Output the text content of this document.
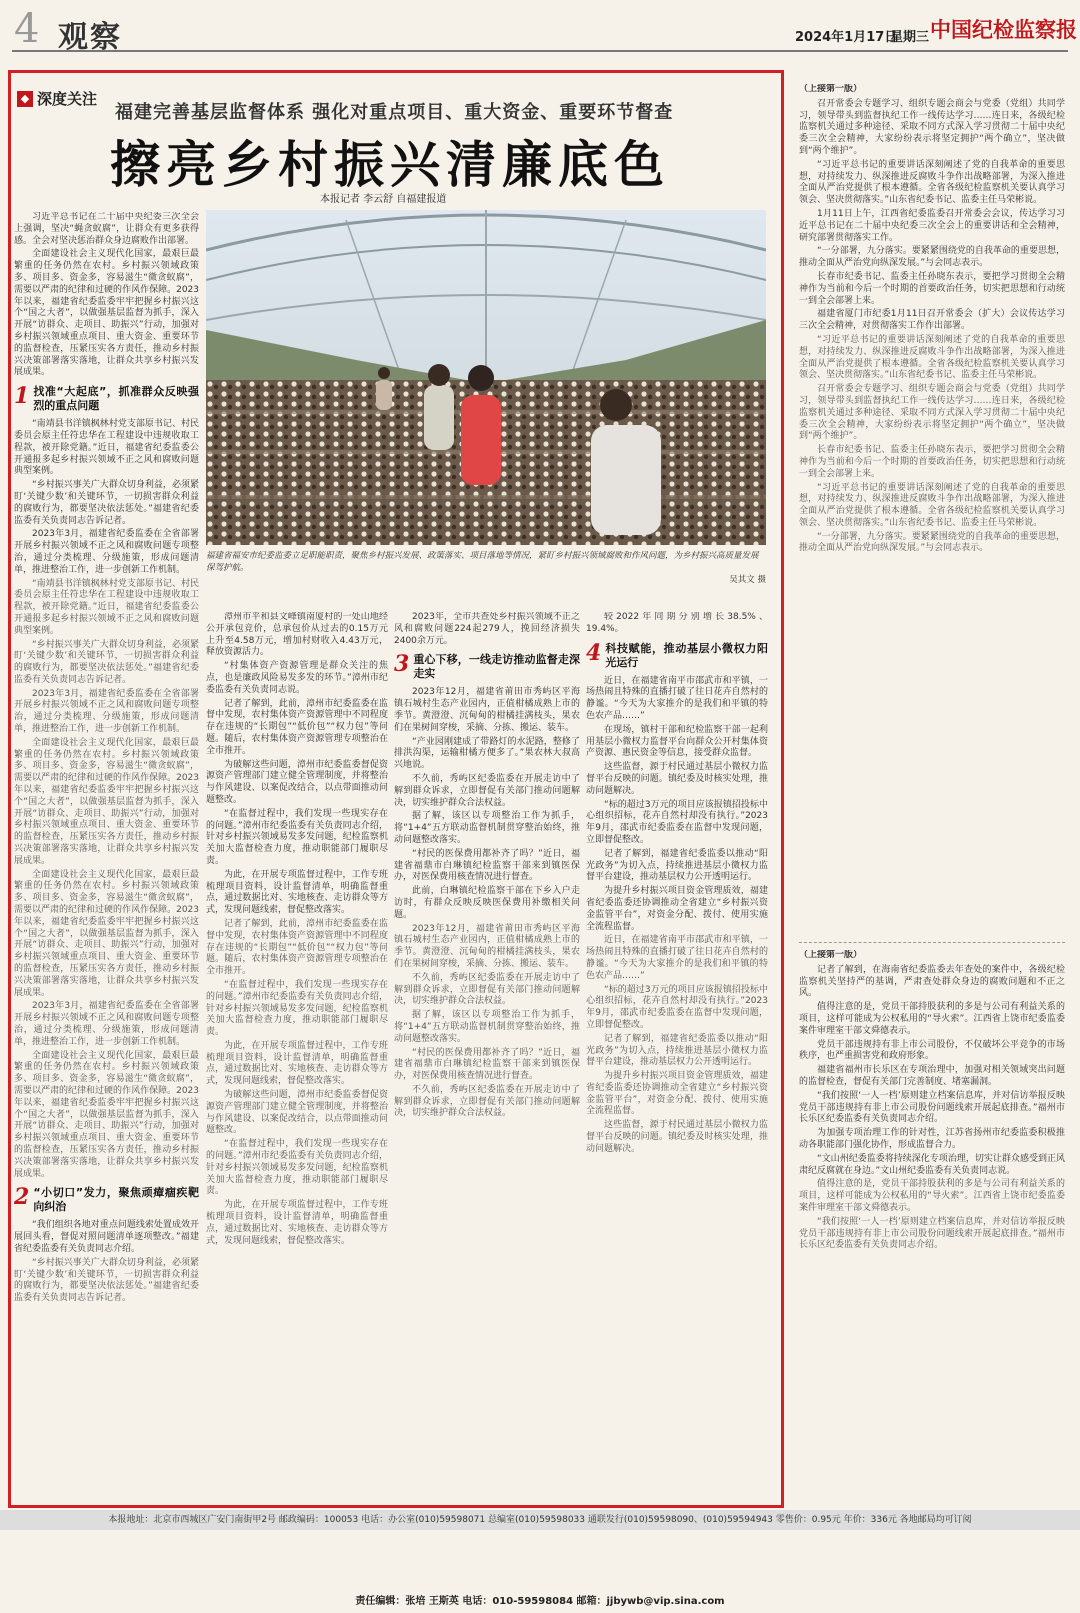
4 观察	2024年1月17日
星期三 中国纪检监察报
◆ 深度关注
福建完善基层监督体系 强化对重点项目、重大资金、重要环节督查
擦亮乡村振兴清廉底色
本报记者 李云舒 自福建报道
福建省福安市纪委监委立足职能职责，聚焦乡村振兴发展、政策落实、项目落地等情况，紧盯乡村振兴领域腐败和作风问题，为乡村振兴高质量发展保驾护航。
吴其文 摄

习近平总书记在二十届中央纪委三次全会上强调，坚决“蝇贪蚁腐”，让群众有更多获得感。全会对坚决惩治群众身边腐败作出部署。

全面建设社会主义现代化国家，最艰巨最繁重的任务仍然在农村。乡村振兴领域政策多、项目多、资金多，容易滋生“微贪蚁腐”，需要以严肃的纪律和过硬的作风作保障。2023年以来，福建省纪委监委牢牢把握乡村振兴这个“国之大者”，以做强基层监督为抓手，深入开展“访群众、走项目、助振兴”行动，加强对乡村振兴领域重点项目、重大资金、重要环节的监督检查，压紧压实各方责任，推动乡村振兴决策部署落实落地，让群众共享乡村振兴发展成果。

1 找准“大起底”，抓准群众反映强烈的重点问题

“南靖县书洋镇枫林村党支部原书记、村民委员会原主任符忠华在工程建设中违规收取工程款，被开除党籍。”近日，福建省纪委监委公开通报多起乡村振兴领域不正之风和腐败问题典型案例。

“乡村振兴事关广大群众切身利益，必须紧盯‘关键少数’和关键环节，一切损害群众利益的腐败行为，都要坚决依法惩处。”福建省纪委监委有关负责同志告诉记者。

2023年3月，福建省纪委监委在全省部署开展乡村振兴领域不正之风和腐败问题专项整治，通过分类梳理、分级施策，形成问题清单，推进整治工作，进一步创新工作机制。

“南靖县书洋镇枫林村党支部原书记、村民委员会原主任符忠华在工程建设中违规收取工程款，被开除党籍。”近日，福建省纪委监委公开通报多起乡村振兴领域不正之风和腐败问题典型案例。

“乡村振兴事关广大群众切身利益，必须紧盯‘关键少数’和关键环节，一切损害群众利益的腐败行为，都要坚决依法惩处。”福建省纪委监委有关负责同志告诉记者。

2023年3月，福建省纪委监委在全省部署开展乡村振兴领域不正之风和腐败问题专项整治，通过分类梳理、分级施策，形成问题清单，推进整治工作，进一步创新工作机制。

全面建设社会主义现代化国家，最艰巨最繁重的任务仍然在农村。乡村振兴领域政策多、项目多、资金多，容易滋生“微贪蚁腐”，需要以严肃的纪律和过硬的作风作保障。2023年以来，福建省纪委监委牢牢把握乡村振兴这个“国之大者”，以做强基层监督为抓手，深入开展“访群众、走项目、助振兴”行动，加强对乡村振兴领域重点项目、重大资金、重要环节的监督检查，压紧压实各方责任，推动乡村振兴决策部署落实落地，让群众共享乡村振兴发展成果。

全面建设社会主义现代化国家，最艰巨最繁重的任务仍然在农村。乡村振兴领域政策多、项目多、资金多，容易滋生“微贪蚁腐”，需要以严肃的纪律和过硬的作风作保障。2023年以来，福建省纪委监委牢牢把握乡村振兴这个“国之大者”，以做强基层监督为抓手，深入开展“访群众、走项目、助振兴”行动，加强对乡村振兴领域重点项目、重大资金、重要环节的监督检查，压紧压实各方责任，推动乡村振兴决策部署落实落地，让群众共享乡村振兴发展成果。

2023年3月，福建省纪委监委在全省部署开展乡村振兴领域不正之风和腐败问题专项整治，通过分类梳理、分级施策，形成问题清单，推进整治工作，进一步创新工作机制。

全面建设社会主义现代化国家，最艰巨最繁重的任务仍然在农村。乡村振兴领域政策多、项目多、资金多，容易滋生“微贪蚁腐”，需要以严肃的纪律和过硬的作风作保障。2023年以来，福建省纪委监委牢牢把握乡村振兴这个“国之大者”，以做强基层监督为抓手，深入开展“访群众、走项目、助振兴”行动，加强对乡村振兴领域重点项目、重大资金、重要环节的监督检查，压紧压实各方责任，推动乡村振兴决策部署落实落地，让群众共享乡村振兴发展成果。

2 “小切口”发力，聚焦顽瘴痼疾靶向纠治

“我们组织各地对重点问题线索处置成效开展回头看，督促对照问题清单逐项整改。”福建省纪委监委有关负责同志介绍。

“乡村振兴事关广大群众切身利益，必须紧盯‘关键少数’和关键环节，一切损害群众利益的腐败行为，都要坚决依法惩处。”福建省纪委监委有关负责同志告诉记者。

漳州市平和县文峰镇南厦村的一处山地经公开承包竞价，总承包价从过去的0.15万元上升至4.58万元，增加村财收入4.43万元，释放资源活力。

“村集体资产资源管理是群众关注的焦点，也是廉政风险易发多发的环节。”漳州市纪委监委有关负责同志说。

记者了解到，此前，漳州市纪委监委在监督中发现，农村集体资产资源管理中不同程度存在违规的“长期包”“低价包”“权力包”等问题。随后，农村集体资产资源管理专项整治在全市推开。

为破解这些问题，漳州市纪委监委督促资源资产管理部门建立健全管理制度，并将整治与作风建设、以案促改结合，以点带面推动问题整改。

“在监督过程中，我们发现一些现实存在的问题。”漳州市纪委监委有关负责同志介绍，针对乡村振兴领域易发多发问题，纪检监察机关加大监督检查力度，推动职能部门履职尽责。

为此，在开展专项监督过程中，工作专班梳理项目资料，设计监督清单，明确监督重点，通过数据比对、实地核查、走访群众等方式，发现问题线索，督促整改落实。

记者了解到，此前，漳州市纪委监委在监督中发现，农村集体资产资源管理中不同程度存在违规的“长期包”“低价包”“权力包”等问题。随后，农村集体资产资源管理专项整治在全市推开。

“在监督过程中，我们发现一些现实存在的问题。”漳州市纪委监委有关负责同志介绍，针对乡村振兴领域易发多发问题，纪检监察机关加大监督检查力度，推动职能部门履职尽责。

为此，在开展专项监督过程中，工作专班梳理项目资料，设计监督清单，明确监督重点，通过数据比对、实地核查、走访群众等方式，发现问题线索，督促整改落实。

为破解这些问题，漳州市纪委监委督促资源资产管理部门建立健全管理制度，并将整治与作风建设、以案促改结合，以点带面推动问题整改。

“在监督过程中，我们发现一些现实存在的问题。”漳州市纪委监委有关负责同志介绍，针对乡村振兴领域易发多发问题，纪检监察机关加大监督检查力度，推动职能部门履职尽责。

为此，在开展专项监督过程中，工作专班梳理项目资料，设计监督清单，明确监督重点，通过数据比对、实地核查、走访群众等方式，发现问题线索，督促整改落实。

2023年，全市共查处乡村振兴领域不正之风和腐败问题224起279人，挽回经济损失2400余万元。

3 重心下移，一线走访推动监督走深走实

2023年12月，福建省莆田市秀屿区平海镇石城村生态产业园内，正值柑橘成熟上市的季节。黄澄澄、沉甸甸的柑橘挂满枝头，果农们在果树间穿梭，采摘、分拣、搬运、装车。

“产业园刚建成了带路灯的水泥路，整修了排洪沟渠，运输柑橘方便多了。”果农林大叔高兴地说。

不久前，秀屿区纪委监委在开展走访中了解到群众诉求，立即督促有关部门推动问题解决，切实维护群众合法权益。

据了解，该区以专项整治工作为抓手，将“1+4”五方联动监督机制贯穿整治始终，推动问题整改落实。

“村民的医保费用都补齐了吗？”近日，福建省福鼎市白琳镇纪检监察干部来到镇医保办，对医保费用核查情况进行督查。

此前，白琳镇纪检监察干部在下乡入户走访时，有群众反映反映医保费用补缴相关问题。

2023年12月，福建省莆田市秀屿区平海镇石城村生态产业园内，正值柑橘成熟上市的季节。黄澄澄、沉甸甸的柑橘挂满枝头，果农们在果树间穿梭，采摘、分拣、搬运、装车。

不久前，秀屿区纪委监委在开展走访中了解到群众诉求，立即督促有关部门推动问题解决，切实维护群众合法权益。

据了解，该区以专项整治工作为抓手，将“1+4”五方联动监督机制贯穿整治始终，推动问题整改落实。

“村民的医保费用都补齐了吗？”近日，福建省福鼎市白琳镇纪检监察干部来到镇医保办，对医保费用核查情况进行督查。

不久前，秀屿区纪委监委在开展走访中了解到群众诉求，立即督促有关部门推动问题解决，切实维护群众合法权益。

较2022年同期分别增长38.5%、19.4%。

4 科技赋能，推动基层小微权力阳光运行

近日，在福建省南平市邵武市和平镇，一场热闹且特殊的直播打破了往日花卉自然村的静谧。“今天为大家推介的是我们和平镇的特色农产品……”

在现场，镇村干部和纪检监察干部一起利用基层小微权力监督平台向群众公开村集体资产资源、惠民资金等信息，接受群众监督。

这些监督，源于村民通过基层小微权力监督平台反映的问题。镇纪委及时核实处理，推动问题解决。

“标的超过3万元的项目应该报镇招投标中心组织招标，花卉自然村却没有执行。”2023年9月，邵武市纪委监委在监督中发现问题，立即督促整改。

记者了解到，福建省纪委监委以推动“阳光政务”为切入点，持续推进基层小微权力监督平台建设，推动基层权力公开透明运行。

为提升乡村振兴项目资金管理质效，福建省纪委监委还协调推动全省建立“乡村振兴资金监管平台”，对资金分配、拨付、使用实施全流程监督。

近日，在福建省南平市邵武市和平镇，一场热闹且特殊的直播打破了往日花卉自然村的静谧。“今天为大家推介的是我们和平镇的特色农产品……”

“标的超过3万元的项目应该报镇招投标中心组织招标，花卉自然村却没有执行。”2023年9月，邵武市纪委监委在监督中发现问题，立即督促整改。

记者了解到，福建省纪委监委以推动“阳光政务”为切入点，持续推进基层小微权力监督平台建设，推动基层权力公开透明运行。

为提升乡村振兴项目资金管理质效，福建省纪委监委还协调推动全省建立“乡村振兴资金监管平台”，对资金分配、拨付、使用实施全流程监督。

这些监督，源于村民通过基层小微权力监督平台反映的问题。镇纪委及时核实处理，推动问题解决。

（上接第一版）

召开常委会专题学习、组织专题会商会与党委（党组）共同学习，领导带头到监督执纪工作一线传达学习……连日来，各级纪检监察机关通过多种途径、采取不同方式深入学习贯彻二十届中央纪委三次全会精神，大家纷纷表示将坚定拥护“两个确立”，坚决做到“两个维护”。

“习近平总书记的重要讲话深刻阐述了党的自我革命的重要思想，对持续发力、纵深推进反腐败斗争作出战略部署，为深入推进全面从严治党提供了根本遵循。全省各级纪检监察机关要认真学习领会、坚决贯彻落实。”山东省纪委书记、监委主任马荣彬说。

1月11日上午，江西省纪委监委召开常委会会议，传达学习习近平总书记在二十届中央纪委三次全会上的重要讲话和全会精神，研究部署贯彻落实工作。

“一分部署，九分落实。要紧紧围绕党的自我革命的重要思想，推动全面从严治党向纵深发展。”与会同志表示。

长春市纪委书记、监委主任孙晓东表示，要把学习贯彻全会精神作为当前和今后一个时期的首要政治任务，切实把思想和行动统一到全会部署上来。

福建省厦门市纪委1月11日召开常委会（扩大）会议传达学习三次全会精神，对贯彻落实工作作出部署。

“习近平总书记的重要讲话深刻阐述了党的自我革命的重要思想，对持续发力、纵深推进反腐败斗争作出战略部署，为深入推进全面从严治党提供了根本遵循。全省各级纪检监察机关要认真学习领会、坚决贯彻落实。”山东省纪委书记、监委主任马荣彬说。

召开常委会专题学习、组织专题会商会与党委（党组）共同学习，领导带头到监督执纪工作一线传达学习……连日来，各级纪检监察机关通过多种途径、采取不同方式深入学习贯彻二十届中央纪委三次全会精神，大家纷纷表示将坚定拥护“两个确立”，坚决做到“两个维护”。

长春市纪委书记、监委主任孙晓东表示，要把学习贯彻全会精神作为当前和今后一个时期的首要政治任务，切实把思想和行动统一到全会部署上来。

“习近平总书记的重要讲话深刻阐述了党的自我革命的重要思想，对持续发力、纵深推进反腐败斗争作出战略部署，为深入推进全面从严治党提供了根本遵循。全省各级纪检监察机关要认真学习领会、坚决贯彻落实。”山东省纪委书记、监委主任马荣彬说。

“一分部署，九分落实。要紧紧围绕党的自我革命的重要思想，推动全面从严治党向纵深发展。”与会同志表示。

（上接第一版）

记者了解到，在海南省纪委监委去年查处的案件中，各级纪检监察机关坚持严的基调，严肃查处群众身边的腐败问题和不正之风。

值得注意的是，党员干部持股获利的多是与公司有利益关系的项目，这样可能成为公权私用的“导火索”。江西省上饶市纪委监委案件审理室干部文舜德表示。

党员干部违规持有非上市公司股份，不仅破坏公平竞争的市场秩序，也严重损害党和政府形象。

福建省福州市长乐区在专项治理中，加强对相关领域突出问题的监督检查，督促有关部门完善制度、堵塞漏洞。

“我们按照‘一人一档’原则建立档案信息库，并对信访举报反映党员干部违规持有非上市公司股份问题线索开展起底排查。”福州市长乐区纪委监委有关负责同志介绍。

为加强专项治理工作的针对性，江苏省扬州市纪委监委积极推动各职能部门强化协作，形成监督合力。

“文山州纪委监委将持续深化专项治理，切实让群众感受到正风肃纪反腐就在身边。”文山州纪委监委有关负责同志说。

值得注意的是，党员干部持股获利的多是与公司有利益关系的项目，这样可能成为公权私用的“导火索”。江西省上饶市纪委监委案件审理室干部文舜德表示。

“我们按照‘一人一档’原则建立档案信息库，并对信访举报反映党员干部违规持有非上市公司股份问题线索开展起底排查。”福州市长乐区纪委监委有关负责同志介绍。

本报地址：北京市西城区广安门南街甲2号 邮政编码：100053 电话：办公室(010)59598071 总编室(010)59598033 通联发行(010)59598090、(010)59594943 零售价：0.95元 年价：336元 各地邮局均可订阅
责任编辑：张培 王斯英 电话：010-59598084 邮箱：jjbywb@vip.sina.com
